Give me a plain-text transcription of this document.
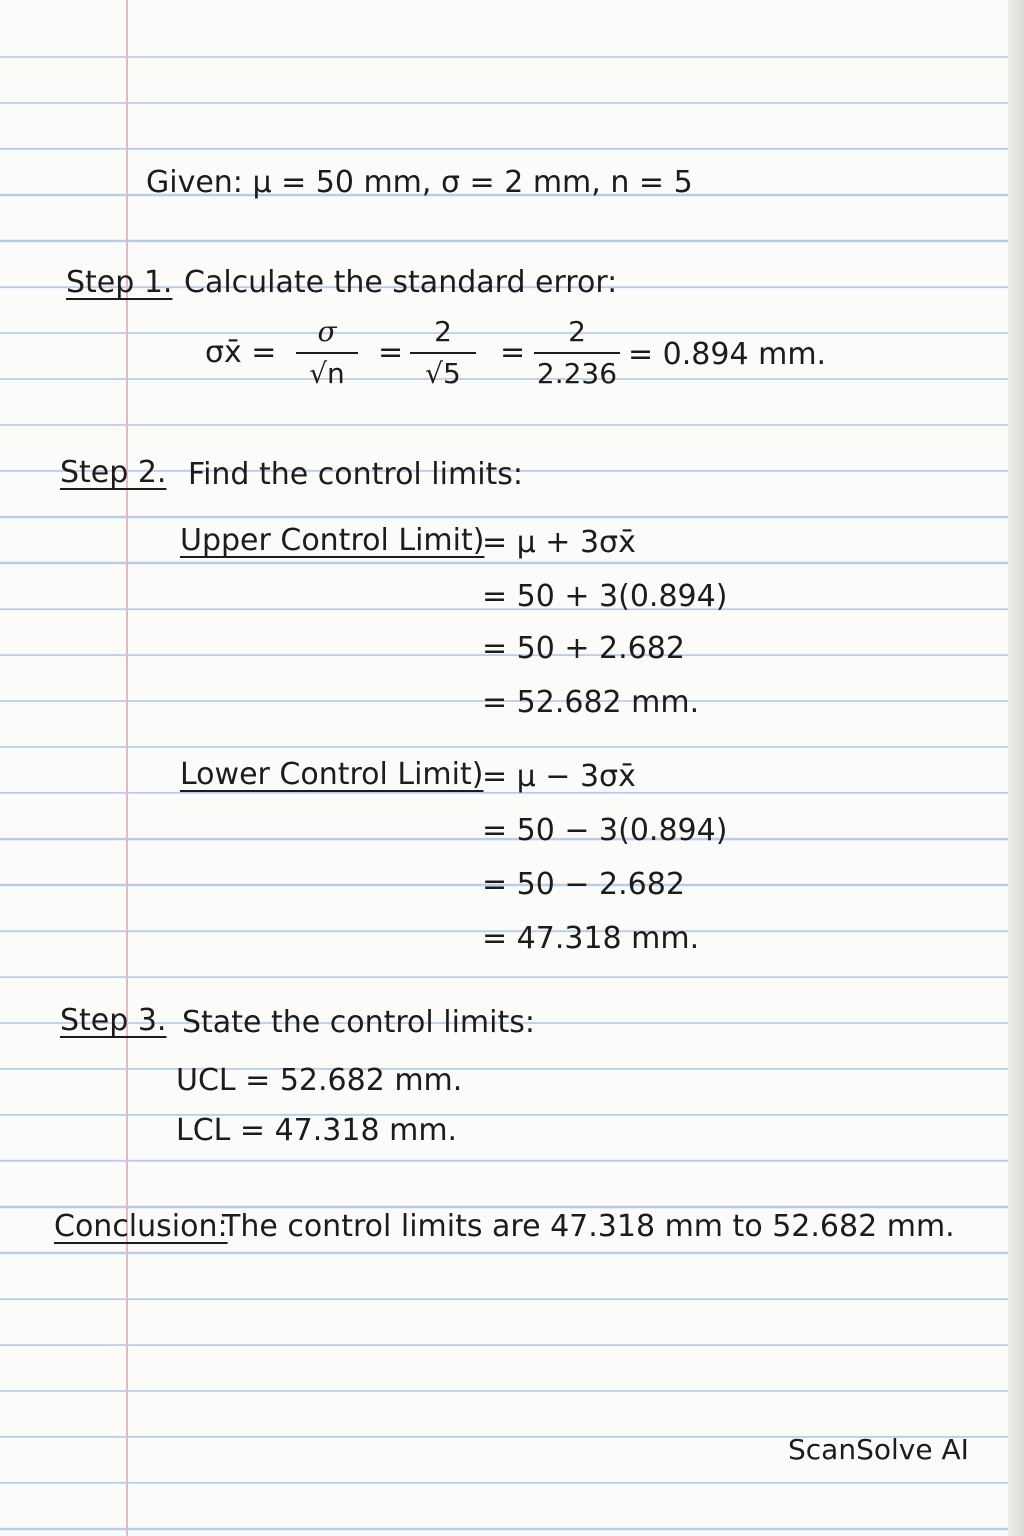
Given: μ = 50 mm, σ = 2 mm, n = 5
Step 1. Calculate the standard error:
σx̄ =
σ
√n
=
2
√5
=
2
2.236
= 0.894 mm.
Step 2. Find the control limits:
Upper Control Limit)
= μ + 3σx̄
= 50 + 3(0.894)
= 50 + 2.682
= 52.682 mm.
Lower Control Limit)
= μ − 3σx̄
= 50 − 3(0.894)
= 50 − 2.682
= 47.318 mm.
Step 3. State the control limits:
UCL = 52.682 mm.
LCL = 47.318 mm.
Conclusion:
The control limits are 47.318 mm to 52.682 mm.
ScanSolve AI
